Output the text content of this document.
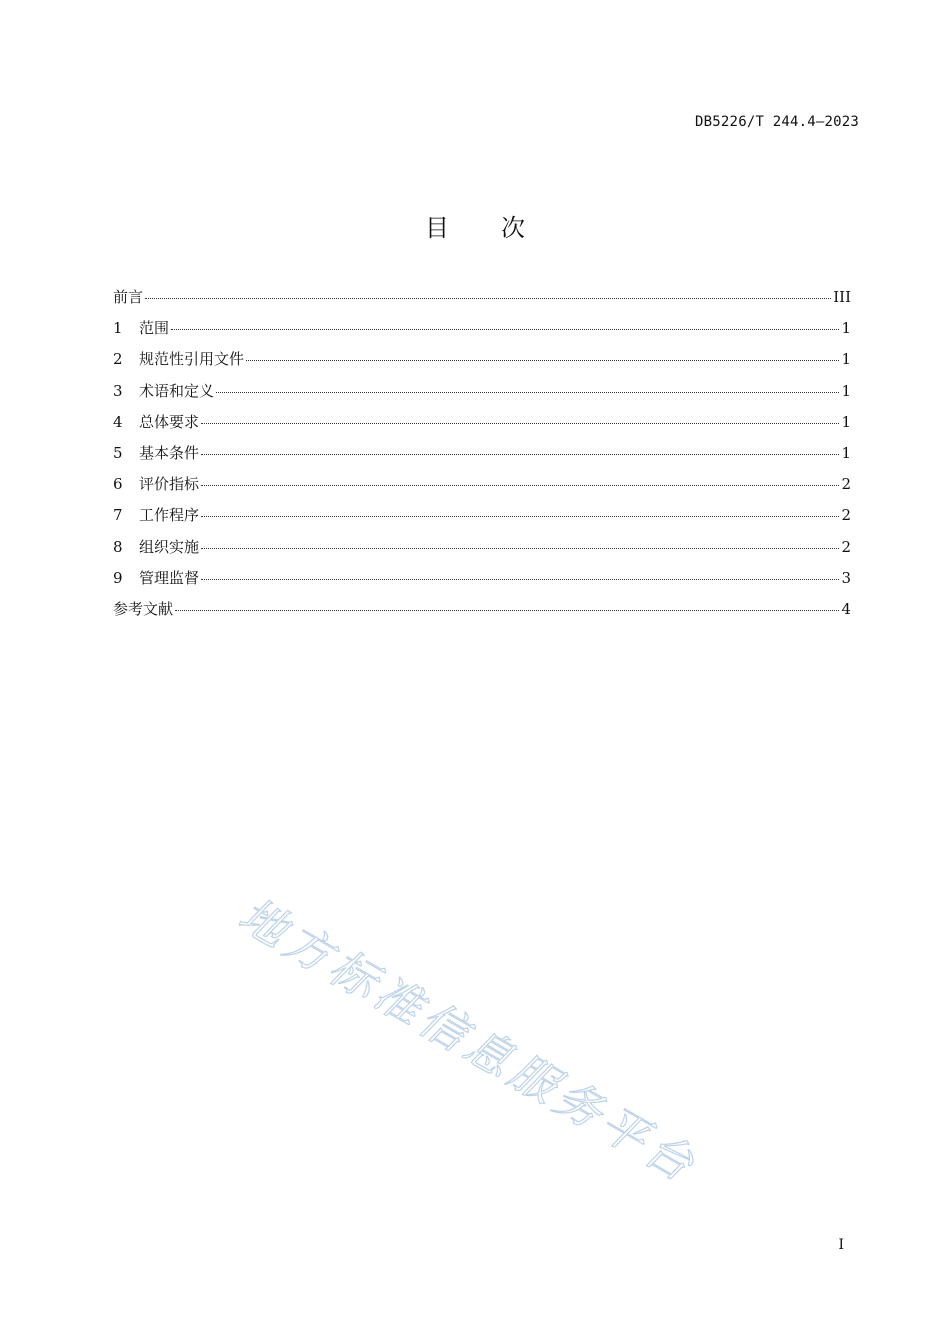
DB5226/T 244.4—2023
目 次
前言	III
1	范围	1
2	规范性引用文件	1
3	术语和定义	1
4	总体要求	1
5	基本条件	1
6	评价指标	2
7	工作程序	2
8	组织实施	2
9	管理监督	3
参考文献	4
地方标准信息服务平台
I
